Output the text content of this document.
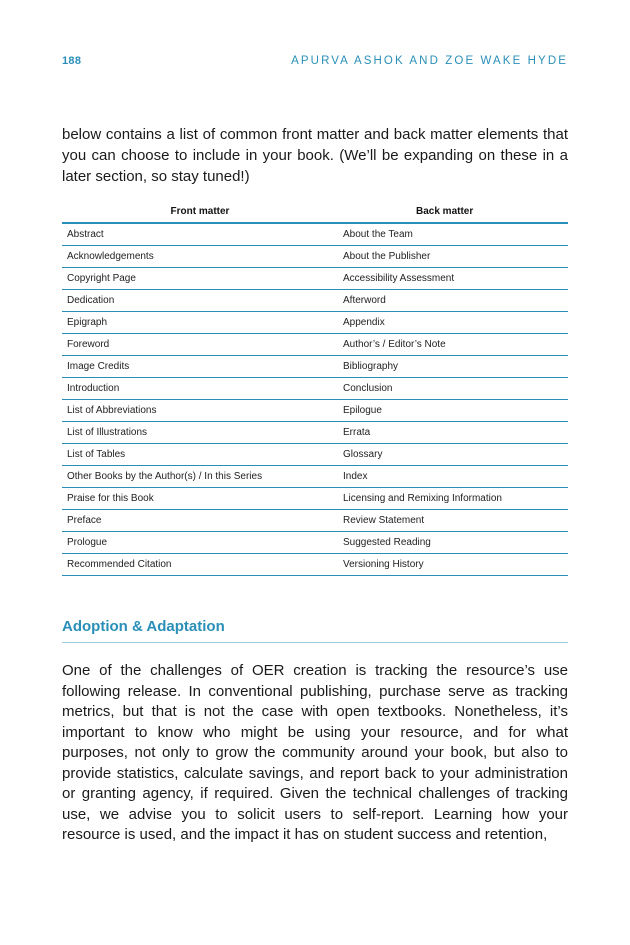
188	APURVA ASHOK AND ZOE WAKE HYDE

below contains a list of common front matter and back matter elements that you can choose to include in your book. (We’ll be expanding on these in a later section, so stay tuned!)

Front matter	Back matter
Abstract	About the Team
Acknowledgements	About the Publisher
Copyright Page	Accessibility Assessment
Dedication	Afterword
Epigraph	Appendix
Foreword	Author’s / Editor’s Note
Image Credits	Bibliography
Introduction	Conclusion
List of Abbreviations	Epilogue
List of Illustrations	Errata
List of Tables	Glossary
Other Books by the Author(s) / In this Series	Index
Praise for this Book	Licensing and Remixing Information
Preface	Review Statement
Prologue	Suggested Reading
Recommended Citation	Versioning History
Adoption & Adaptation

One of the challenges of OER creation is tracking the resource’s use following release. In conventional publishing, purchase serve as tracking metrics, but that is not the case with open textbooks. Nonetheless, it’s important to know who might be using your resource, and for what purposes, not only to grow the community around your book, but also to provide statistics, calculate savings, and report back to your administration or granting agency, if required. Given the technical challenges of tracking use, we advise you to solicit users to self-report. Learning how your resource is used, and the impact it has on student success and retention,
